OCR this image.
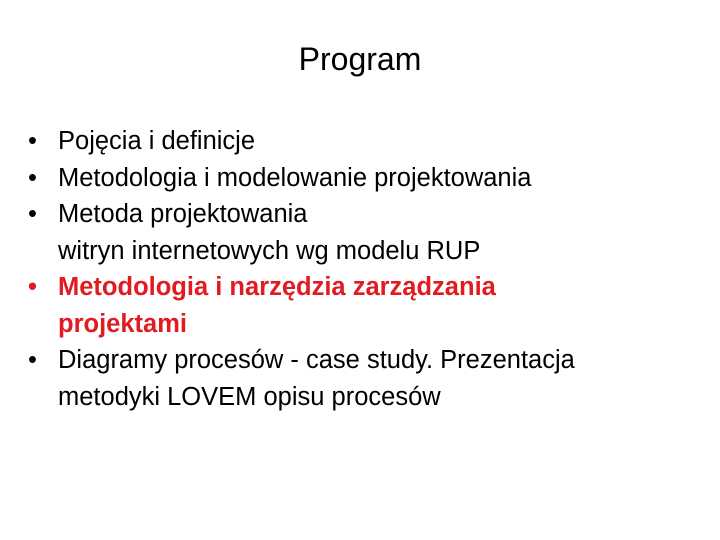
Program
• Pojęcia i definicje
• Metodologia i modelowanie projektowania
• Metoda projektowania
witryn internetowych wg modelu RUP
• Metodologia i narzędzia zarządzania
projektami
• Diagramy procesów - case study. Prezentacja
metodyki LOVEM opisu procesów
